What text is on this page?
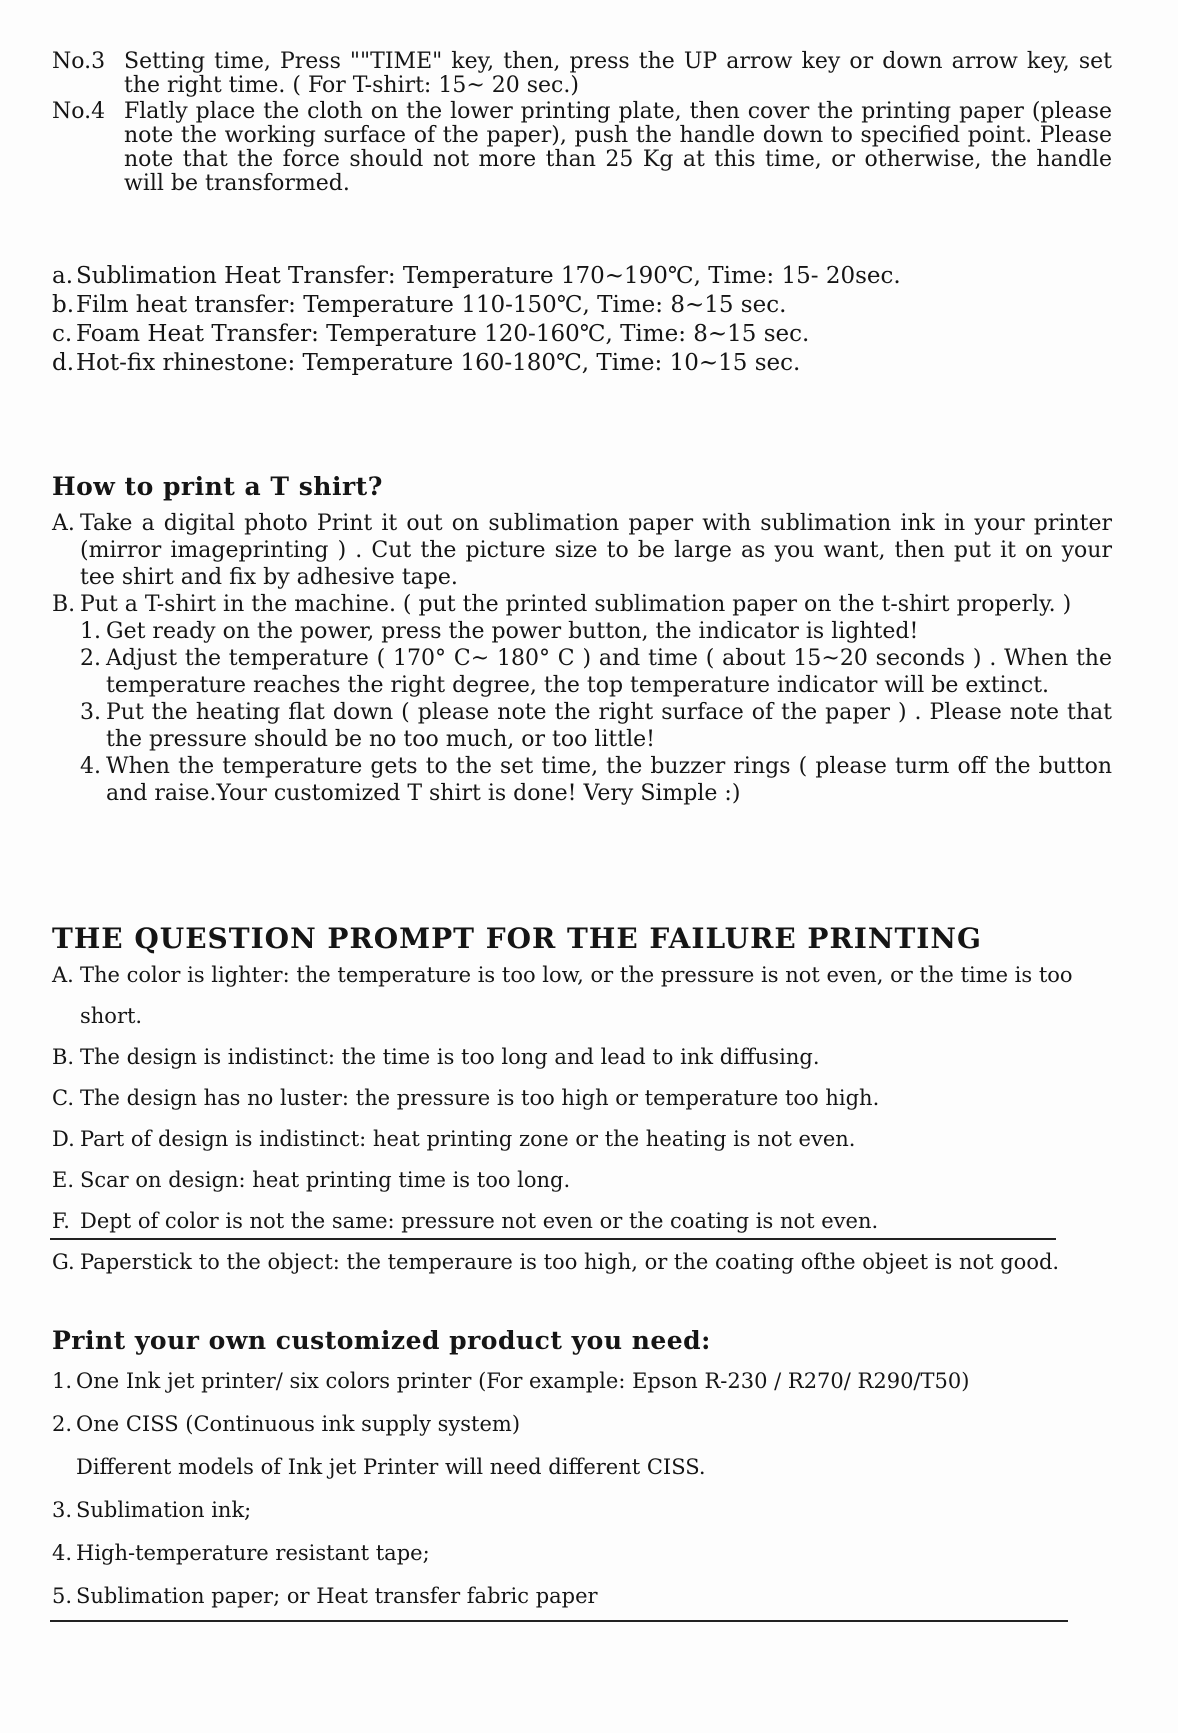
No.3 Setting time, Press ""TIME" key, then, press the UP arrow key or down arrow key, set the right time. ( For T-shirt: 15~ 20 sec.)
No.4 Flatly place the cloth on the lower printing plate, then cover the printing paper (please note the working surface of the paper), push the handle down to specified point. Please note that the force should not more than 25 Kg at this time, or otherwise, the handle will be transformed.
a. Sublimation Heat Transfer: Temperature 170~190℃, Time: 15- 20sec.
b. Film heat transfer: Temperature 110-150℃, Time: 8~15 sec.
c. Foam Heat Transfer: Temperature 120-160℃, Time: 8~15 sec.
d. Hot-fix rhinestone: Temperature 160-180℃, Time: 10~15 sec.
How to print a T shirt?
A. Take a digital photo Print it out on sublimation paper with sublimation ink in your printer (mirror imageprinting ) . Cut the picture size to be large as you want, then put it on your tee shirt and fix by adhesive tape.
B. Put a T-shirt in the machine. ( put the printed sublimation paper on the t-shirt properly. )
1. Get ready on the power, press the power button, the indicator is lighted!
2. Adjust the temperature ( 170° C~ 180° C ) and time ( about 15~20 seconds ) . When the temperature reaches the right degree, the top temperature indicator will be extinct.
3. Put the heating flat down ( please note the right surface of the paper ) . Please note that the pressure should be no too much, or too little!
4. When the temperature gets to the set time, the buzzer rings ( please turm off the button and raise.Your customized T shirt is done! Very Simple :)
THE QUESTION PROMPT FOR THE FAILURE PRINTING
A. The color is lighter: the temperature is too low, or the pressure is not even, or the time is too short.
B. The design is indistinct: the time is too long and lead to ink diffusing.
C. The design has no luster: the pressure is too high or temperature too high.
D. Part of design is indistinct: heat printing zone or the heating is not even.
E. Scar on design: heat printing time is too long.
F. Dept of color is not the same: pressure not even or the coating is not even.
G. Paperstick to the object: the temperaure is too high, or the coating ofthe objeet is not good.
Print your own customized product you need:
1. One Ink jet printer/ six colors printer (For example: Epson R-230 / R270/ R290/T50)
2. One CISS (Continuous ink supply system)
Different models of Ink jet Printer will need different CISS.
3. Sublimation ink;
4. High-temperature resistant tape;
5. Sublimation paper; or Heat transfer fabric paper
